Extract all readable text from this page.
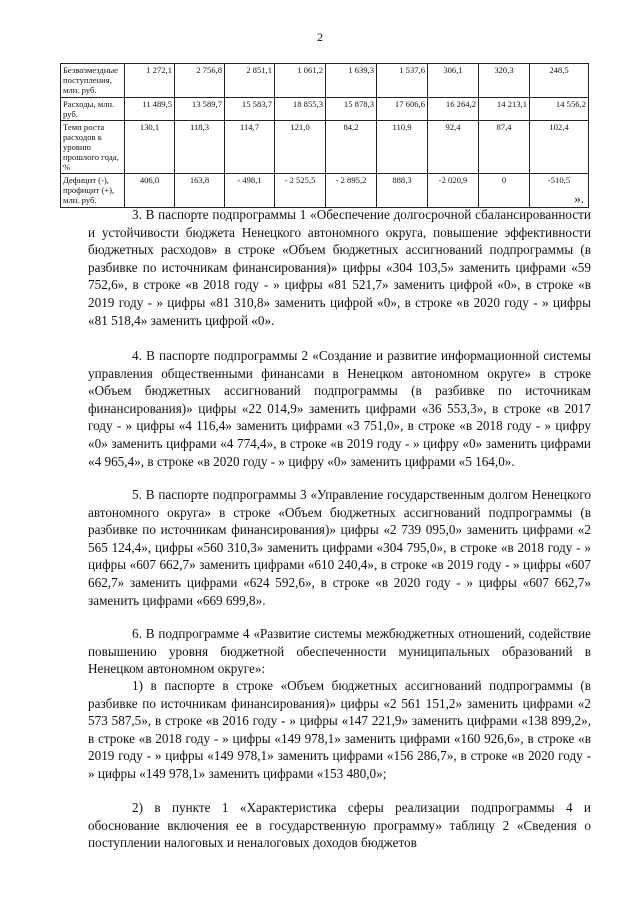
2
Безвозмездные поступления, млн. руб.	1 272,1	2 756,8	2 851,1	1 061,2	1 639,3	1 537,6	306,1	320,3	248,5
Расходы, млн. руб.	11 489,5	13 589,7	15 583,7	18 855,3	15 878,3	17 606,6	16 264,2	14 213,1	14 556,2
Темп роста расходов к уровню прошлого года, %	130,1	118,3	114,7	121,0	84,2	110,9	92,4	87,4	102,4
Дефицит (-), профицит (+), млн. руб.	406,0	163,8	- 498,1	- 2 525,5	- 2 895,2	888,3	-2 020,9	0	-510,5
».

3. В паспорте подпрограммы 1 «Обеспечение долгосрочной сбалансированности и устойчивости бюджета Ненецкого автономного округа, повышение эффективности бюджетных расходов» в строке «Объем бюджетных ассигнований подпрограммы (в разбивке по источникам финансирования)» цифры «304 103,5» заменить цифрами «59 752,6», в строке «в 2018 году - » цифры «81 521,7» заменить цифрой «0», в строке «в 2019 году - » цифры «81 310,8» заменить цифрой «0», в строке «в 2020 году - » цифры «81 518,4» заменить цифрой «0».

4. В паспорте подпрограммы 2 «Создание и развитие информационной системы управления общественными финансами в Ненецком автономном округе» в строке «Объем бюджетных ассигнований подпрограммы (в разбивке по источникам финансирования)» цифры «22 014,9» заменить цифрами «36 553,3», в строке «в 2017 году - » цифры «4 116,4» заменить цифрами «3 751,0», в строке «в 2018 году - » цифру «0» заменить цифрами «4 774,4», в строке «в 2019 году - » цифру «0» заменить цифрами «4 965,4», в строке «в 2020 году - » цифру «0» заменить цифрами «5 164,0».

5. В паспорте подпрограммы 3 «Управление государственным долгом Ненецкого автономного округа» в строке «Объем бюджетных ассигнований подпрограммы (в разбивке по источникам финансирования)» цифры «2 739 095,0» заменить цифрами «2 565 124,4», цифры «560 310,3» заменить цифрами «304 795,0», в строке «в 2018 году - » цифры «607 662,7» заменить цифрами «610 240,4», в строке «в 2019 году - » цифры «607 662,7» заменить цифрами «624 592,6», в строке «в 2020 году - » цифры «607 662,7» заменить цифрами «669 699,8».

6. В подпрограмме 4 «Развитие системы межбюджетных отношений, содействие повышению уровня бюджетной обеспеченности муниципальных образований в Ненецком автономном округе»:

1) в паспорте в строке «Объем бюджетных ассигнований подпрограммы (в разбивке по источникам финансирования)» цифры «2 561 151,2» заменить цифрами «2 573 587,5», в строке «в 2016 году - » цифры «147 221,9» заменить цифрами «138 899,2», в строке «в 2018 году - » цифры «149 978,1» заменить цифрами «160 926,6», в строке «в 2019 году - » цифры «149 978,1» заменить цифрами «156 286,7», в строке «в 2020 году - » цифры «149 978,1» заменить цифрами «153 480,0»;

2) в пункте 1 «Характеристика сферы реализации подпрограммы 4 и обоснование включения ее в государственную программу» таблицу 2 «Сведения о поступлении налоговых и неналоговых доходов бюджетов
